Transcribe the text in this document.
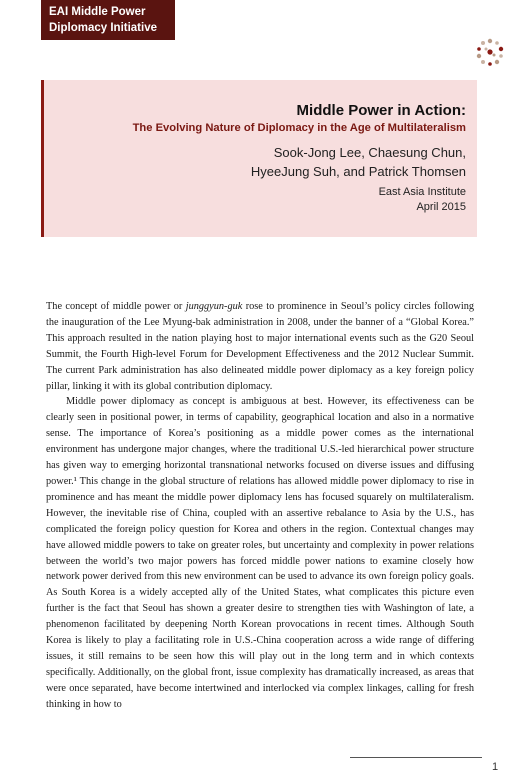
EAI Middle Power
Diplomacy Initiative
Middle Power in Action:
The Evolving Nature of Diplomacy in the Age of Multilateralism
Sook-Jong Lee, Chaesung Chun,
HyeeJung Suh, and Patrick Thomsen
East Asia Institute
April 2015

The concept of middle power or junggyun-guk rose to prominence in Seoul’s policy circles following the inauguration of the Lee Myung-bak administration in 2008, under the banner of a “Global Korea.” This approach resulted in the nation playing host to major international events such as the G20 Seoul Summit, the Fourth High-level Forum for Development Effectiveness and the 2012 Nuclear Summit. The current Park administration has also delineated middle power diplomacy as a key foreign policy pillar, linking it with its global contribution diplomacy.

Middle power diplomacy as concept is ambiguous at best. However, its effectiveness can be clearly seen in positional power, in terms of capability, geographical location and also in a normative sense. The importance of Korea’s positioning as a middle power comes as the international environment has undergone major changes, where the traditional U.S.-led hierarchical power structure has given way to emerging horizontal transnational networks focused on diverse issues and diffusing power.¹ This change in the global structure of relations has allowed middle power diplomacy to rise in prominence and has meant the middle power diplomacy lens has focused squarely on multilateralism. However, the inevitable rise of China, coupled with an assertive rebalance to Asia by the U.S., has complicated the foreign policy question for Korea and others in the region. Contextual changes may have allowed middle powers to take on greater roles, but uncertainty and complexity in power relations between the world’s two major powers has forced middle power nations to examine closely how network power derived from this new environment can be used to advance its own foreign policy goals. As South Korea is a widely accepted ally of the United States, what complicates this picture even further is the fact that Seoul has shown a greater desire to strengthen ties with Washington of late, a phenomenon facilitated by deepening North Korean provocations in recent times. Although South Korea is likely to play a facilitating role in U.S.-China cooperation across a wide range of differing issues, it still remains to be seen how this will play out in the long term and in which contexts specifically. Additionally, on the global front, issue complexity has dramatically increased, as areas that were once separated, have become intertwined and interlocked via complex linkages, calling for fresh thinking in how to

1
